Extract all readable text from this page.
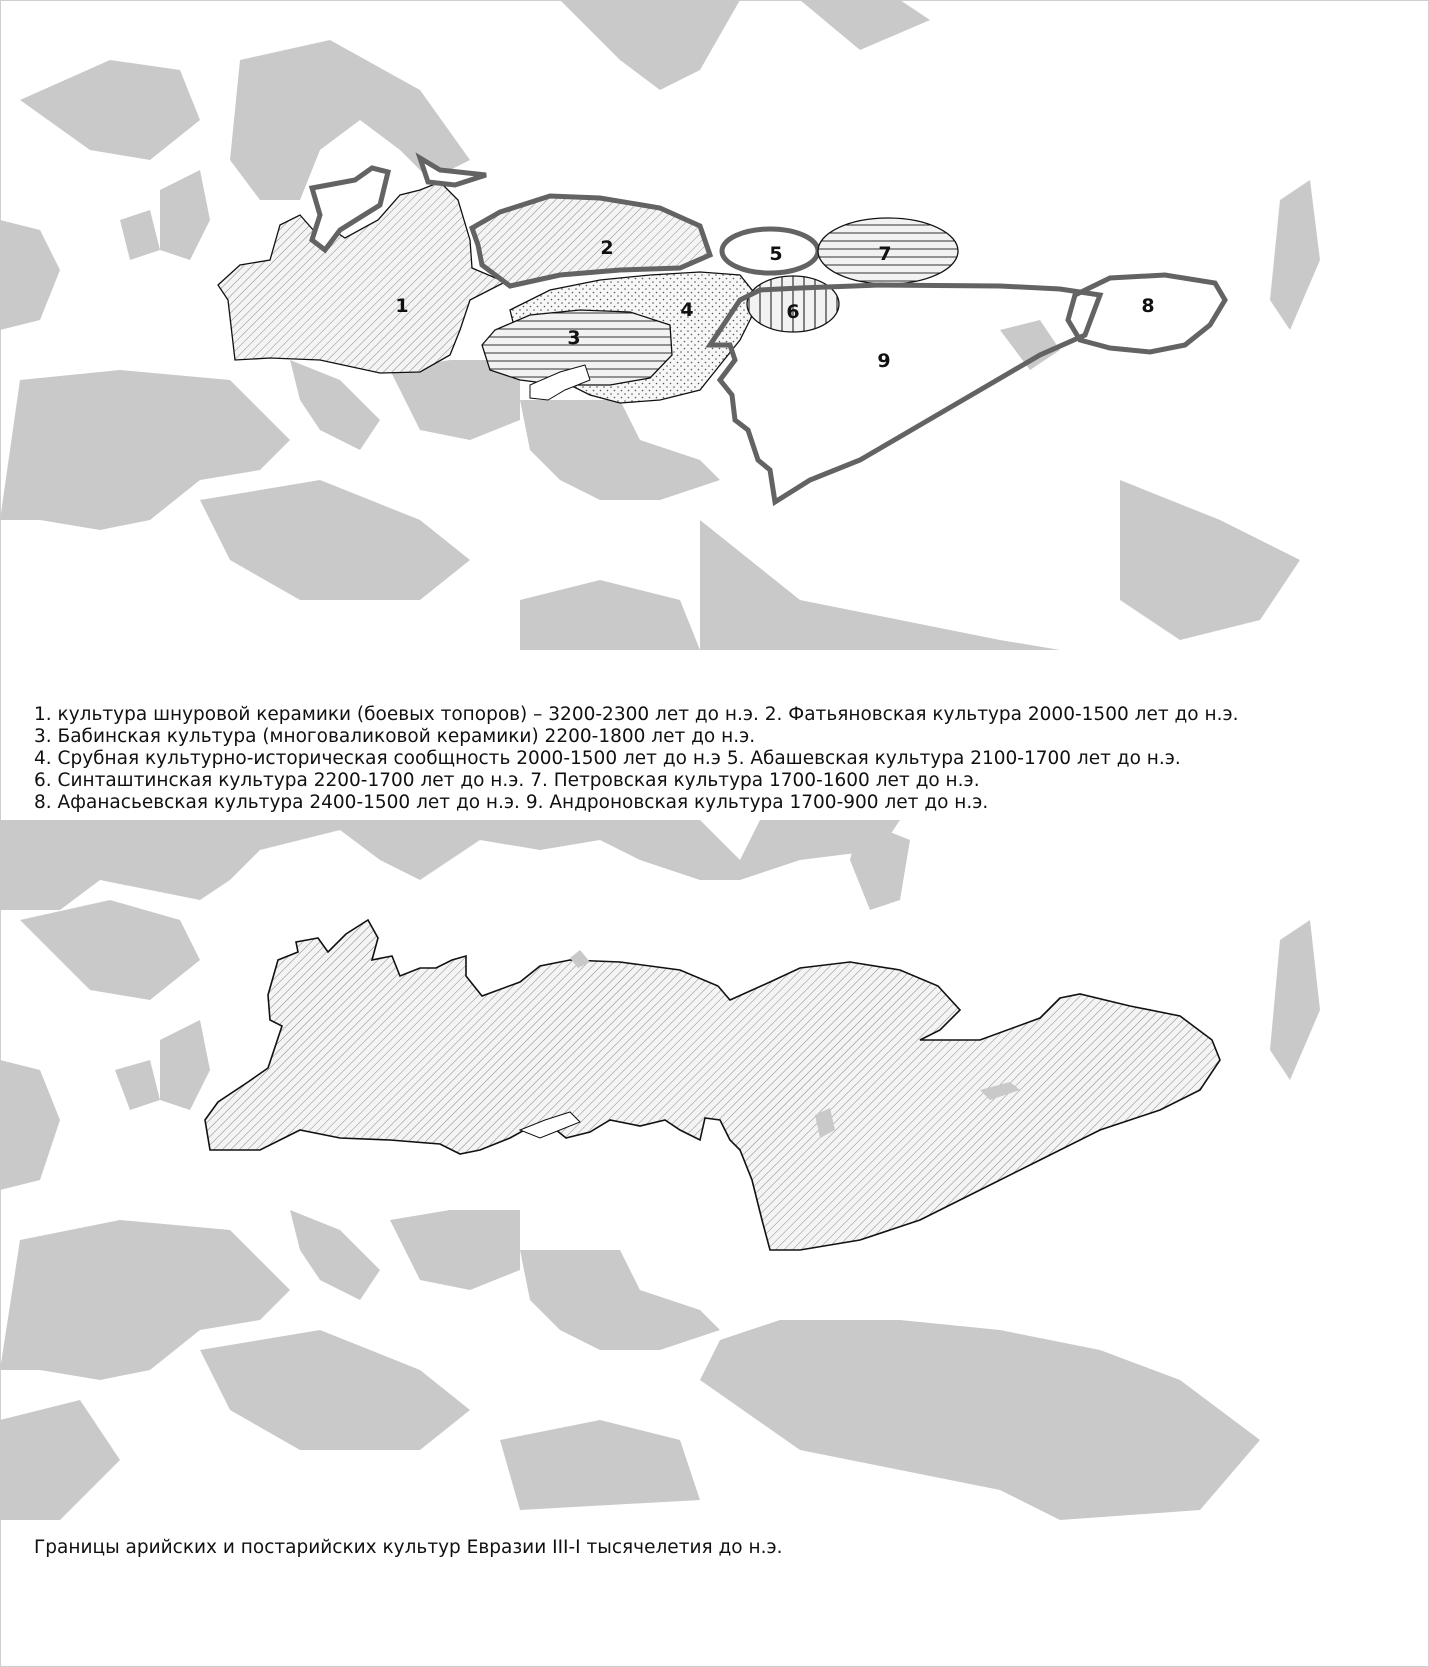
1
2
3
4
5
6
7
8
9
1. культура шнуровой керамики (боевых топоров) – 3200-2300 лет до н.э. 2. Фатьяновская культура 2000-1500 лет до н.э.
3. Бабинская культура (многоваликовой керамики) 2200-1800 лет до н.э.
4. Срубная культурно-историческая сообщность 2000-1500 лет до н.э 5. Абашевская культура 2100-1700 лет до н.э.
6. Синташтинская культура 2200-1700 лет до н.э. 7. Петровская культура 1700-1600 лет до н.э.
8. Афанасьевская культура 2400-1500 лет до н.э. 9. Андроновская культура 1700-900 лет до н.э.
Границы арийских и постарийских культур Евразии III-I тысячелетия до н.э.
